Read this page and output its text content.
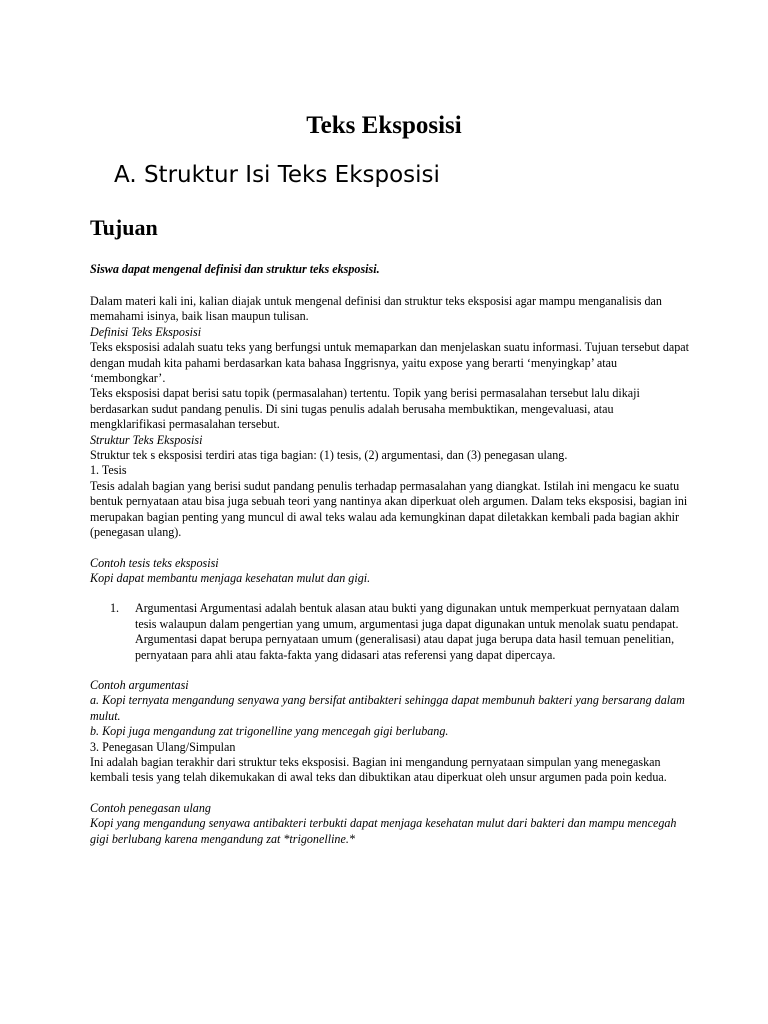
Teks Eksposisi
A. Struktur Isi Teks Eksposisi
Tujuan

Siswa dapat mengenal definisi dan struktur teks eksposisi.

Dalam materi kali ini, kalian diajak untuk mengenal definisi dan struktur teks eksposisi agar mampu menganalisis dan memahami isinya, baik lisan maupun tulisan.

Definisi Teks Eksposisi

Teks eksposisi adalah suatu teks yang berfungsi untuk memaparkan dan menjelaskan suatu informasi. Tujuan tersebut dapat dengan mudah kita pahami berdasarkan kata bahasa Inggrisnya, yaitu expose yang berarti ‘menyingkap’ atau ‘membongkar’.

Teks eksposisi dapat berisi satu topik (permasalahan) tertentu. Topik yang berisi permasalahan tersebut lalu dikaji berdasarkan sudut pandang penulis. Di sini tugas penulis adalah berusaha membuktikan, mengevaluasi, atau mengklarifikasi permasalahan tersebut.

Struktur Teks Eksposisi

Struktur tek s eksposisi terdiri atas tiga bagian: (1) tesis, (2) argumentasi, dan (3) penegasan ulang.

1. Tesis

Tesis adalah bagian yang berisi sudut pandang penulis terhadap permasalahan yang diangkat. Istilah ini mengacu ke suatu bentuk pernyataan atau bisa juga sebuah teori yang nantinya akan diperkuat oleh argumen. Dalam teks eksposisi, bagian ini merupakan bagian penting yang muncul di awal teks walau ada kemungkinan dapat diletakkan kembali pada bagian akhir (penegasan ulang).

Contoh tesis teks eksposisi

Kopi dapat membantu menjaga kesehatan mulut dan gigi.

1. Argumentasi Argumentasi adalah bentuk alasan atau bukti yang digunakan untuk memperkuat pernyataan dalam tesis walaupun dalam pengertian yang umum, argumentasi juga dapat digunakan untuk menolak suatu pendapat. Argumentasi dapat berupa pernyataan umum (generalisasi) atau dapat juga berupa data hasil temuan penelitian, pernyataan para ahli atau fakta-fakta yang didasari atas referensi yang dapat dipercaya.

Contoh argumentasi

a. Kopi ternyata mengandung senyawa yang bersifat antibakteri sehingga dapat membunuh bakteri yang bersarang dalam mulut.

b. Kopi juga mengandung zat trigonelline yang mencegah gigi berlubang.

3. Penegasan Ulang/Simpulan

Ini adalah bagian terakhir dari struktur teks eksposisi. Bagian ini mengandung pernyataan simpulan yang menegaskan kembali tesis yang telah dikemukakan di awal teks dan dibuktikan atau diperkuat oleh unsur argumen pada poin kedua.

Contoh penegasan ulang

Kopi yang mengandung senyawa antibakteri terbukti dapat menjaga kesehatan mulut dari bakteri dan mampu mencegah gigi berlubang karena mengandung zat *trigonelline.*
